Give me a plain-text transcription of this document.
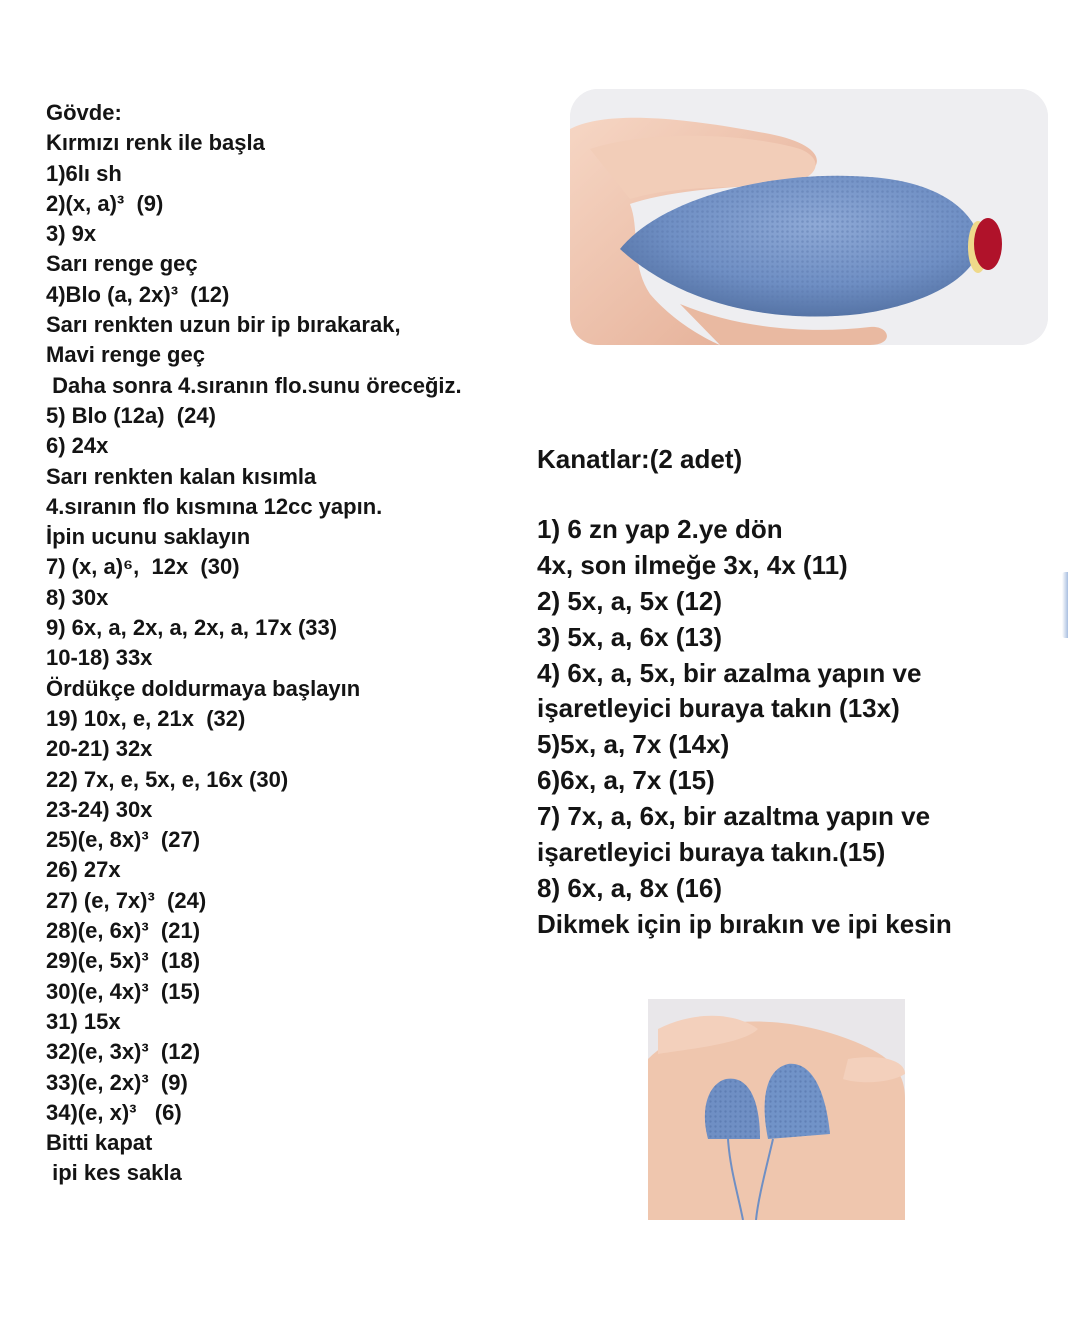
Gövde:
Kırmızı renk ile başla
1)6lı sh
2)(x, a)³  (9)
3) 9x
Sarı renge geç
4)Blo (a, 2x)³  (12)
Sarı renkten uzun bir ip bırakarak,
Mavi renge geç
Daha sonra 4.sıranın flo.sunu öreceğiz.
5) Blo (12a)  (24)
6) 24x
Sarı renkten kalan kısımla
4.sıranın flo kısmına 12cc yapın.
İpin ucunu saklayın
7) (x, a)⁶,  12x  (30)
8) 30x
9) 6x, a, 2x, a, 2x, a, 17x (33)
10-18) 33x
Ördükçe doldurmaya başlayın
19) 10x, e, 21x  (32)
20-21) 32x
22) 7x, e, 5x, e, 16x (30)
23-24) 30x
25)(e, 8x)³  (27)
26) 27x
27) (e, 7x)³  (24)
28)(e, 6x)³  (21)
29)(e, 5x)³  (18)
30)(e, 4x)³  (15)
31) 15x
32)(e, 3x)³  (12)
33)(e, 2x)³  (9)
34)(e, x)³   (6)
Bitti kapat
ipi kes sakla
Kanatlar:(2 adet)
1) 6 zn yap 2.ye dön
4x, son ilmeğe 3x, 4x (11)
2) 5x, a, 5x (12)
3) 5x, a, 6x (13)
4) 6x, a, 5x, bir azalma yapın ve
işaretleyici buraya takın (13x)
5)5x, a, 7x (14x)
6)6x, a, 7x (15)
7) 7x, a, 6x, bir azaltma yapın ve
işaretleyici buraya takın.(15)
8) 6x, a, 8x (16)
Dikmek için ip bırakın ve ipi kesin
